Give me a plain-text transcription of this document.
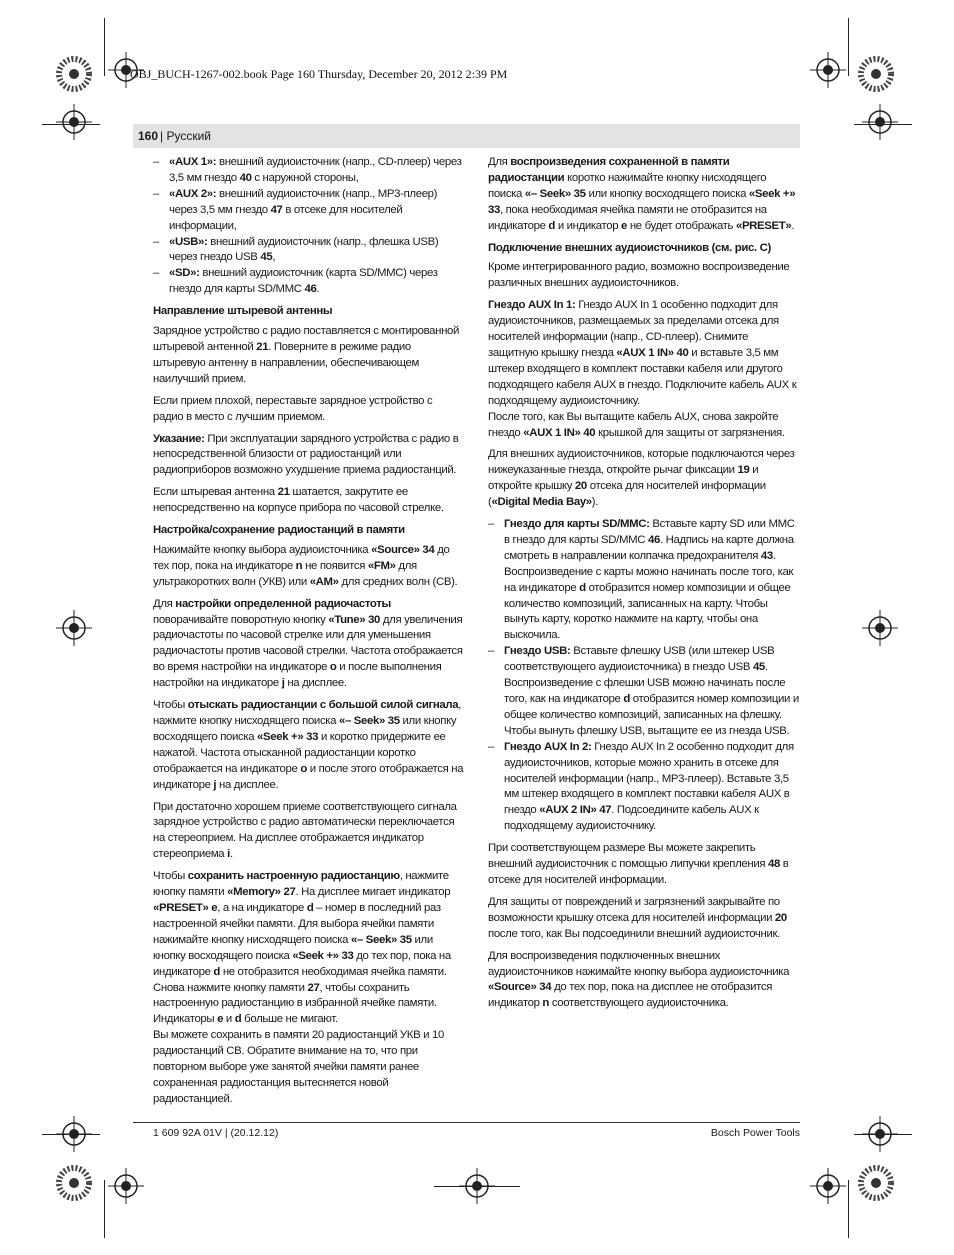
OBJ_BUCH-1267-002.book Page 160 Thursday, December 20, 2012 2:39 PM
160 | Русский
– «AUX 1»: внешний аудиоисточник (напр., CD-плеер) через 3,5 мм гнездо 40 с наружной стороны,
– «AUX 2»: внешний аудиоисточник (напр., MP3-плеер) через 3,5 мм гнездо 47 в отсеке для носителей информации,
– «USB»: внешний аудиоисточник (напр., флешка USB) через гнездо USB 45,
– «SD»: внешний аудиоисточник (карта SD/MMC) через гнездо для карты SD/MMC 46.
Направление штыревой антенны

Зарядное устройство с радио поставляется с монтированной штыревой антенной 21. Поверните в режиме радио штыревую антенну в направлении, обеспечивающем наилучший прием.

Если прием плохой, переставьте зарядное устройство с радио в место с лучшим приемом.

Указание: При эксплуатации зарядного устройства с радио в непосредственной близости от радиостанций или радиоприборов возможно ухудшение приема радиостанций.

Если штыревая антенна 21 шатается, закрутите ее непосредственно на корпусе прибора по часовой стрелке.

Настройка/сохранение радиостанций в памяти

Нажимайте кнопку выбора аудиоисточника «Source» 34 до тех пор, пока на индикаторе n не появится «FM» для ультракоротких волн (УКВ) или «AM» для средних волн (СВ).

Для настройки определенной радиочастоты поворачивайте поворотную кнопку «Tune» 30 для увеличения радиочастоты по часовой стрелке или для уменьшения радиочастоты против часовой стрелки. Частота отображается во время настройки на индикаторе o и после выполнения настройки на индикаторе j на дисплее.

Чтобы отыскать радиостанции с большой силой сигнала, нажмите кнопку нисходящего поиска «– Seek» 35 или кнопку восходящего поиска «Seek +» 33 и коротко придержите ее нажатой. Частота отысканной радиостанции коротко отображается на индикаторе o и после этого отображается на индикаторе j на дисплее.

При достаточно хорошем приеме соответствующего сигнала зарядное устройство с радио автоматически переключается на стереоприем. На дисплее отображается индикатор стереоприема i.

Чтобы сохранить настроенную радиостанцию, нажмите кнопку памяти «Memory» 27. На дисплее мигает индикатор «PRESET» e, а на индикаторе d – номер в последний раз настроенной ячейки памяти. Для выбора ячейки памяти нажимайте кнопку нисходящего поиска «– Seek» 35 или кнопку восходящего поиска «Seek +» 33 до тех пор, пока на индикаторе d не отобразится необходимая ячейка памяти. Снова нажмите кнопку памяти 27, чтобы сохранить настроенную радиостанцию в избранной ячейке памяти. Индикаторы e и d больше не мигают.
Вы можете сохранить в памяти 20 радиостанций УКВ и 10 радиостанций СВ. Обратите внимание на то, что при повторном выборе уже занятой ячейки памяти ранее сохраненная радиостанция вытесняется новой радиостанцией.

Для воспроизведения сохраненной в памяти радиостанции коротко нажимайте кнопку нисходящего поиска «– Seek» 35 или кнопку восходящего поиска «Seek +» 33, пока необходимая ячейка памяти не отобразится на индикаторе d и индикатор e не будет отображать «PRESET».

Подключение внешних аудиоисточников (см. рис. C)

Кроме интегрированного радио, возможно воспроизведение различных внешних аудиоисточников.

Гнездо AUX In 1: Гнездо AUX In 1 особенно подходит для аудиоисточников, размещаемых за пределами отсека для носителей информации (напр., CD-плеер). Снимите защитную крышку гнезда «AUX 1 IN» 40 и вставьте 3,5 мм штекер входящего в комплект поставки кабеля или другого подходящего кабеля AUX в гнездо. Подключите кабель AUX к подходящему аудиоисточнику.
После того, как Вы вытащите кабель AUX, снова закройте гнездо «AUX 1 IN» 40 крышкой для защиты от загрязнения.

Для внешних аудиоисточников, которые подключаются через нижеуказанные гнезда, откройте рычаг фиксации 19 и откройте крышку 20 отсека для носителей информации («Digital Media Bay»).

– Гнездо для карты SD/MMC: Вставьте карту SD или MMC в гнездо для карты SD/MMC 46. Надпись на карте должна смотреть в направлении колпачка предохранителя 43. Воспроизведение с карты можно начинать после того, как на индикаторе d отобразится номер композиции и общее количество композиций, записанных на карту. Чтобы вынуть карту, коротко нажмите на карту, чтобы она выскочила.
– Гнездо USB: Вставьте флешку USB (или штекер USB соответствующего аудиоисточника) в гнездо USB 45. Воспроизведение с флешки USB можно начинать после того, как на индикаторе d отобразится номер композиции и общее количество композиций, записанных на флешку. Чтобы вынуть флешку USB, вытащите ее из гнезда USB.
– Гнездо AUX In 2: Гнездо AUX In 2 особенно подходит для аудиоисточников, которые можно хранить в отсеке для носителей информации (напр., MP3-плеер). Вставьте 3,5 мм штекер входящего в комплект поставки кабеля AUX в гнездо «AUX 2 IN» 47. Подсоедините кабель AUX к подходящему аудиоисточнику.

При соответствующем размере Вы можете закрепить внешний аудиоисточник с помощью липучки крепления 48 в отсеке для носителей информации.

Для защиты от повреждений и загрязнений закрывайте по возможности крышку отсека для носителей информации 20 после того, как Вы подсоединили внешний аудиоисточник.

Для воспроизведения подключенных внешних аудиоисточников нажимайте кнопку выбора аудиоисточника «Source» 34 до тех пор, пока на дисплее не отобразится индикатор n соответствующего аудиоисточника.

1 609 92A 01V | (20.12.12)	Bosch Power Tools
